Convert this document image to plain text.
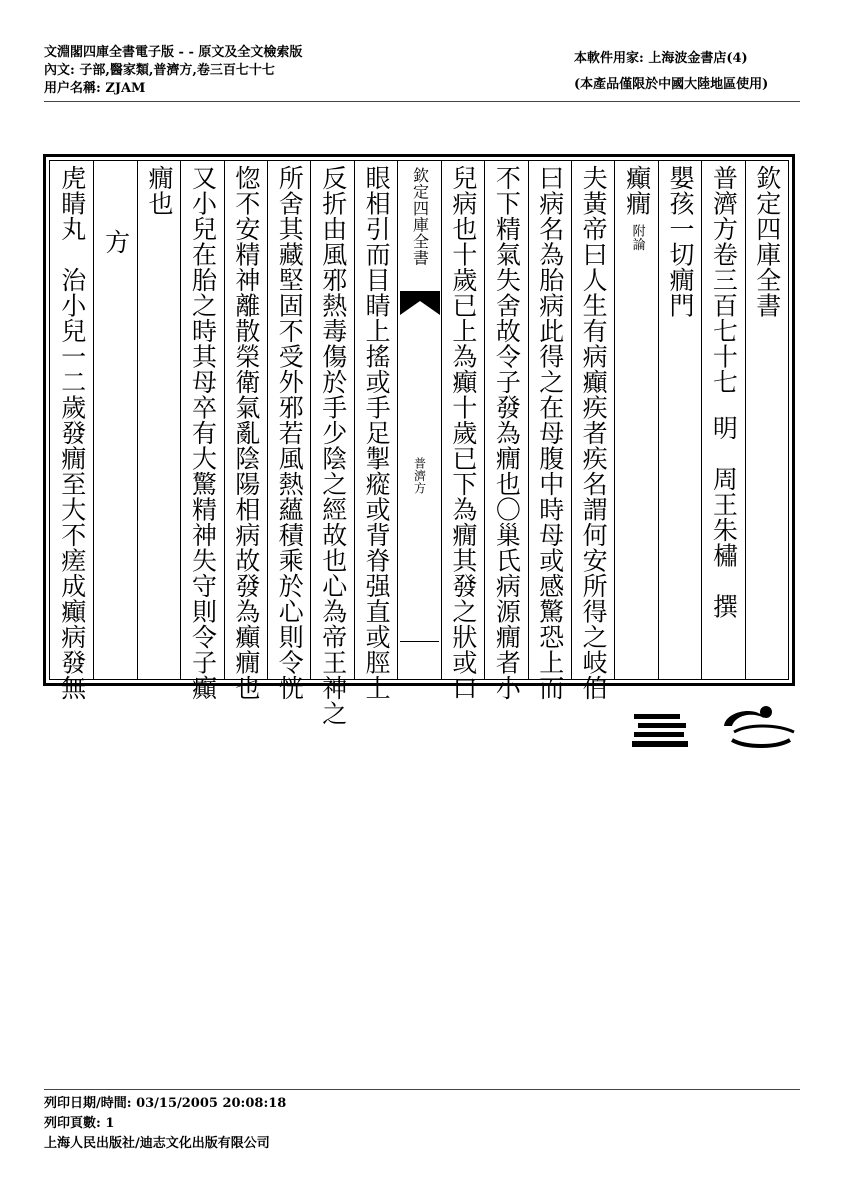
文淵閣四庫全書電子版 - - 原文及全文檢索版
內文: 子部,醫家類,普濟方,卷三百七十七
用户名稱: ZJAM
本軟件用家: 上海波金書店(4)
(本產品僅限於中國大陸地區使用)
欽定四庫全書
普濟方卷三百七十七明　周王朱橚　撰
嬰孩一切癇門
癲癇附論
夫黃帝曰人生有病癲疾者疾名謂何安所得之岐伯
曰病名為胎病此得之在母腹中時母或感驚恐上而
不下精氣失舍故令子發為癇也〇巢氏病源癇者小
兒病也十歲已上為癲十歲已下為癇其發之狀或口
欽定四庫全書
普濟方
眼相引而目睛上搖或手足掣瘲或背脊强直或脛上
反折由風邪熱毒傷於手少陰之經故也心為帝王神之
所舍其藏堅固不受外邪若風熱蘊積乘於心則令恍
惚不安精神離散榮衛氣亂陰陽相病故發為癲癇也
又小兒在胎之時其母卒有大驚精神失守則令子癲
癇也
方
虎睛丸　治小兒一二歲發癇至大不瘥成癲病發無
列印日期/時間: 03/15/2005 20:08:18
列印頁數: 1
上海人民出版社/迪志文化出版有限公司
